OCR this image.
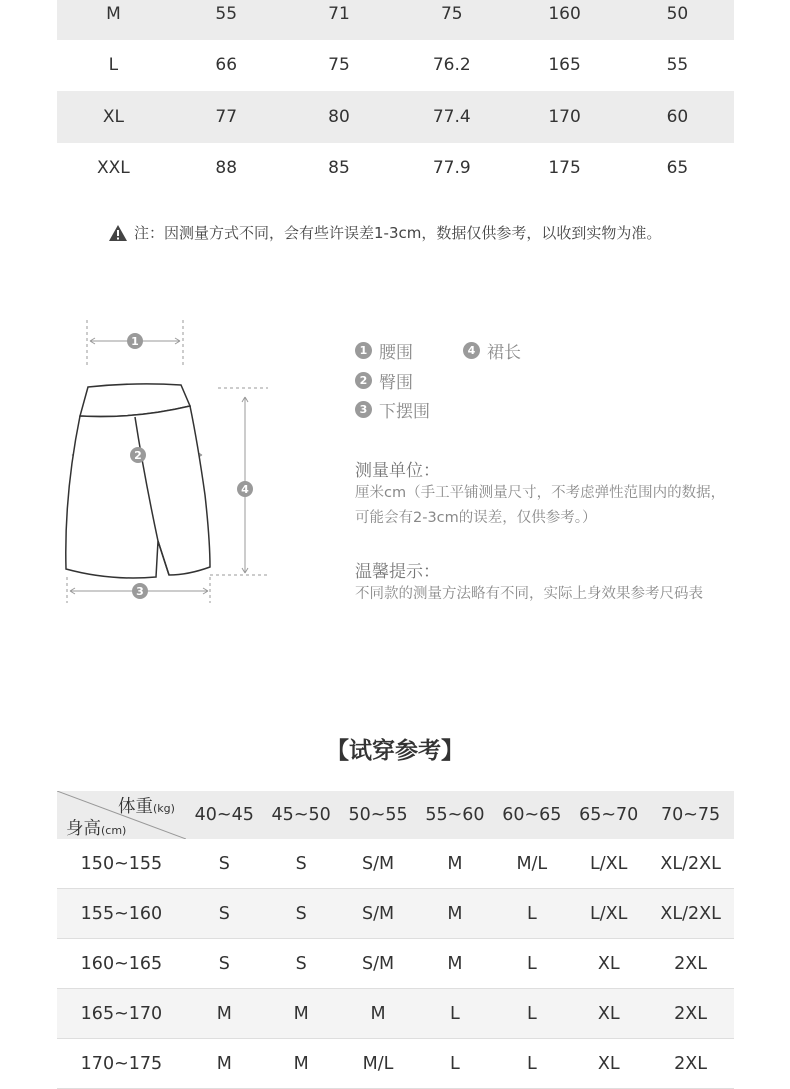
M	55	71	75	160	50
L	66	75	76.2	165	55
XL	77	80	77.4	170	60
XXL	88	85	77.9	175	65
注：因测量方式不同，会有些许误差1-3cm，数据仅供参考，以收到实物为准。
1
2
3
4
1 腰围	4 裙长
2 臀围
3 下摆围
测量单位：
厘米cm（手工平铺测量尺寸，不考虑弹性范围内的数据，
可能会有2-3cm的误差，仅供参考。）
温馨提示：
不同款的测量方法略有不同，实际上身效果参考尺码表
【试穿参考】
体重(kg)
身高(cm)
40~45	45~50	50~55	55~60	60~65	65~70	70~75
150~155	S	S	S/M	M	M/L	L/XL	XL/2XL
155~160	S	S	S/M	M	L	L/XL	XL/2XL
160~165	S	S	S/M	M	L	XL	2XL
165~170	M	M	M	L	L	XL	2XL
170~175	M	M	M/L	L	L	XL	2XL
